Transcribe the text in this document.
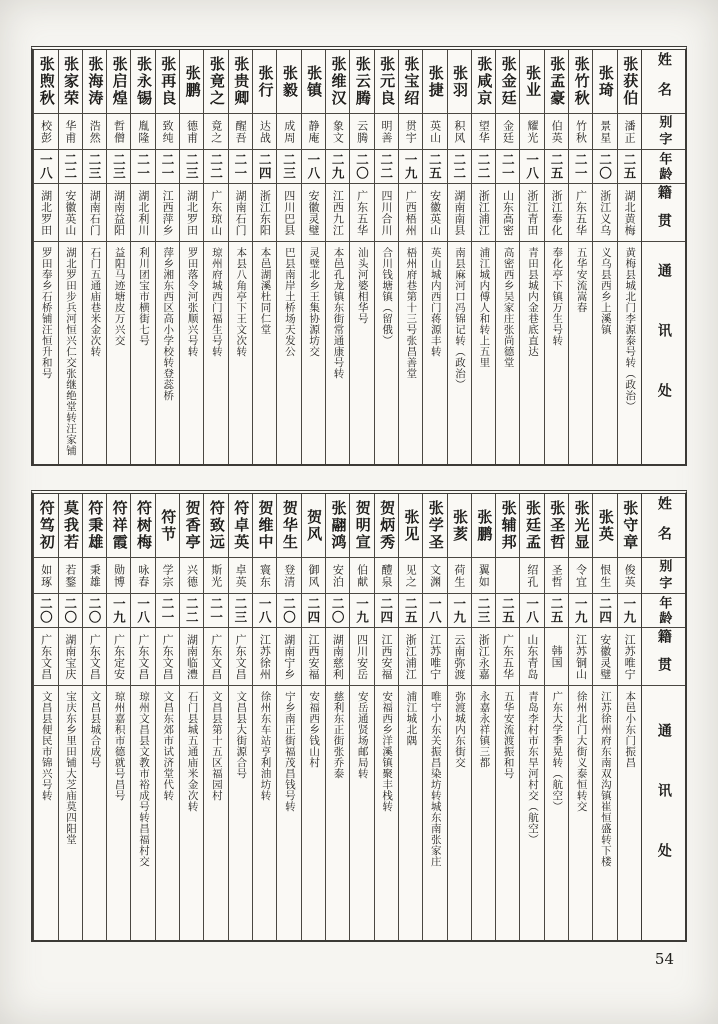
姓名
别字
年龄
籍贯
通讯处
张获伯
潘正
二五
湖北黄梅
黄梅县城北门李源泰号转（政治）
张琦
景星
二〇
浙江义乌
义乌县西乡上溪镇
张竹秋
竹秋
二一
广东五华
五华安流嵩春
张孟豪
伯英
二五
浙江奉化
奉化亭下镇万生号转
张业
耀光
一八
浙江青田
青田县城内金巷底直达
张金廷
金廷
二一
山东高密
高密西乡吴家庄张尚德堂
张咸京
望华
二二
浙江浦江
浦江城内傅人和转上五里
张羽
积风
二二
湖南南县
南县麻河口冯锦记转（政治）
张捷
英山
二五
安徽英山
英山城内西门蒋源丰转
张宝绍
贯宇
一九
广西梧州
梧州府巷第十三号张昌善堂
张元良
明善
二二
四川合川
合川钱塘镇（留俄）
张云腾
云腾
二〇
广东五华
汕头河婆相华号
张维汉
象文
二九
江西九江
本邑孔龙镇东街常通康号转
张镇
静庵
一八
安徽灵璧
灵璧北乡王集协源坊交
张毅
成周
二三
四川巴县
巴县南岸土桥场天发公
张行
达战
二四
浙江东阳
本邑湖溪杜同仁堂
张贵卿
醒吾
二一
湖南石门
本县八角亭下王文次转
张竟之
竟之
二二
广东琼山
琼州府城西门福生号转
张鹏
德甫
二三
湖北罗田
罗田落令河张顺兴号转
张再良
致纯
二一
江西萍乡
萍乡湘东西区高小学校转登蕊桥
张永锡
胤隆
二一
湖北利川
利川团宝市横街七号
张启煌
哲僧
二三
湖南益阳
益阳马迹塘皮万兴交
张海涛
浩然
二三
湖南石门
石门五通庙巷米金次转
张家荣
华甫
二二
安徽英山
湖北罗田步兵河恒兴仁交张继绝堂转汪家铺
张煦秋
校彭
一八
湖北罗田
罗田奉乡石桥铺汪恒升和号
姓名
别字
年龄
籍贯
通讯处
张守章
俊英
一九
江苏唯宁
本邑小东门振昌
张英
恨生
二四
安徽灵璧
江苏徐州府东南双沟镇崔恒盛转下楼
张光显
令宜
一九
江苏铜山
徐州北门大街义泰恒转交
张圣哲
圣哲
二五
韩国
广东大学季晃转（航空）
张廷孟
绍孔
一八
山东青岛
青岛李村市东旱河村交（航空）
张辅邦
二五
广东五华
五华安流渡振和号
张鹏
翼如
二三
浙江永嘉
永嘉永祥镇三都
张荄
荷生
一九
云南弥渡
弥渡城内东街交
张学圣
文渊
一八
江苏唯宁
唯宁小东关振昌染坊转城东南张家庄
张见
见之
二五
浙江浦江
浦江城北隅
贺炳秀
醴泉
二四
江西安福
安福西乡洋溪镇聚丰栈转
贺明宣
伯献
一九
四川安岳
安岳通贤场邮局转
张翮鸿
安泊
二〇
湖南慈利
慈利东正街张乔泰
贺风
御风
二四
江西安福
安福西乡钱山村
贺华生
登清
二〇
湖南宁乡
宁乡南正街福茂昌钱号转
贺维中
寰东
一八
江苏徐州
徐州东车站亨利油坊转
符卓英
卓英
二三
广东文昌
文昌县大街源合号
符致远
斯光
二一
广东文昌
文昌县第十五区福园村
贺香亭
兴德
二二
湖南临澧
石门县城五通庙米金次转
符节
学宗
二一
广东文昌
文昌东郊市试济堂代转
符树梅
咏春
一八
广东文昌
琼州文昌县文教市裕成号转昌福村交
符祥霞
勋博
一九
广东定安
琼州嘉积市德就号昌号
符秉雄
秉雄
二〇
广东文昌
文昌县城合成号
莫我若
若鍪
二〇
湖南宝庆
宝庆东乡里田铺大芝庙莫四阳堂
符笃初
如琢
二〇
广东文昌
文昌县便民市锦兴号转
54
